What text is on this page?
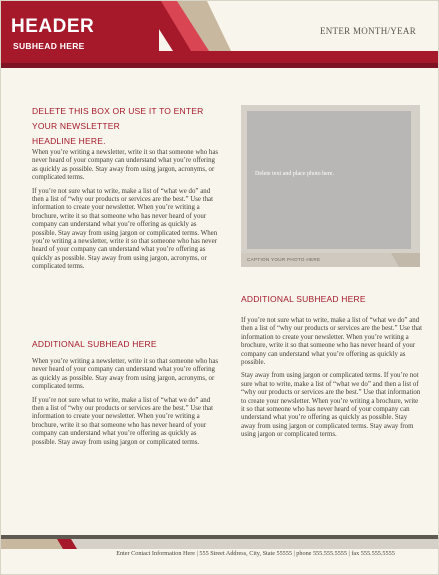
HEADER
SUBHEAD HERE
ENTER MONTH/YEAR
DELETE THIS BOX OR USE IT TO ENTER
YOUR NEWSLETTER
HEADLINE HERE.

When you’re writing a newsletter, write it so that someone who has never heard of your company can understand what you’re offering as quickly as possible. Stay away from using jargon, acronyms, or complicated terms.

If you’re not sure what to write, make a list of “what we do” and then a list of “why our products or services are the best.” Use that information to create your newsletter. When you’re writing a brochure, write it so that someone who has never heard of your company can understand what you’re offering as quickly as possible. Stay away from using jargon or complicated terms. When you’re writing a newsletter, write it so that someone who has never heard of your company can understand what you’re offering as quickly as possible. Stay away from using jargon, acronyms, or complicated terms.

Delete text and place photo here.
CAPTION YOUR PHOTO HERE
ADDITIONAL SUBHEAD HERE

If you’re not sure what to write, make a list of “what we do” and then a list of “why our products or services are the best.” Use that information to create your newsletter. When you’re writing a brochure, write it so that someone who has never heard of your company can understand what you’re offering as quickly as possible.

Stay away from using jargon or complicated terms. If you’re not sure what to write, make a list of “what we do” and then a list of “why our products or services are the best.” Use that information to create your newsletter. When you’re writing a brochure, write it so that someone who has never heard of your company can understand what you’re offering as quickly as possible. Stay away from using jargon or complicated terms. Stay away from using jargon or complicated terms.

ADDITIONAL SUBHEAD HERE

When you’re writing a newsletter, write it so that someone who has never heard of your company can understand what you’re offering as quickly as possible. Stay away from using jargon, acronyms, or complicated terms.

If you’re not sure what to write, make a list of “what we do” and then a list of “why our products or services are the best.” Use that information to create your newsletter. When you’re writing a brochure, write it so that someone who has never heard of your company can understand what you’re offering as quickly as possible. Stay away from using jargon or complicated terms.

Enter Contact Information Here | 555 Street Address, City, State 55555 | phone 555.555.5555 | fax 555.555.5555
